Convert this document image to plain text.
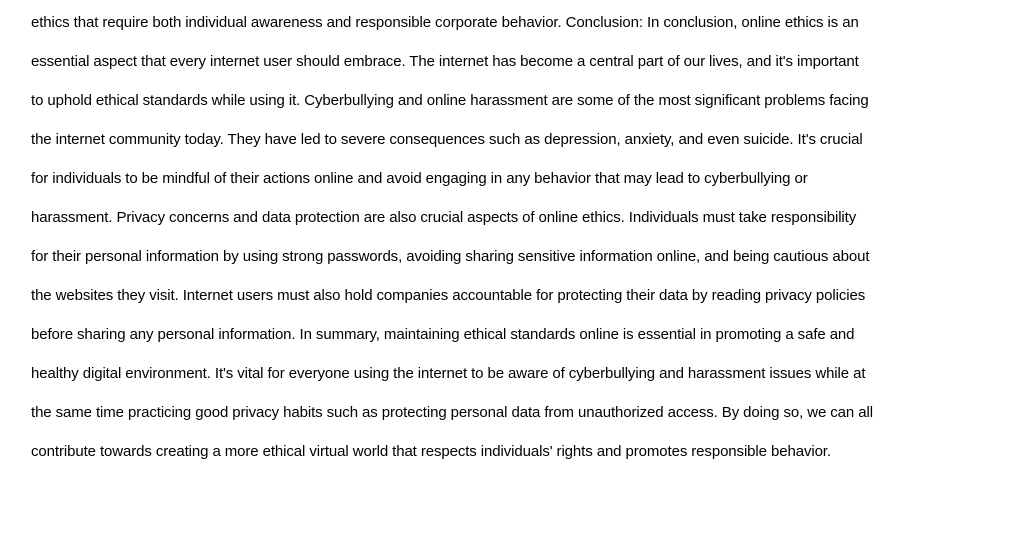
ethics that require both individual awareness and responsible corporate behavior. Conclusion: In conclusion, online ethics is an
essential aspect that every internet user should embrace. The internet has become a central part of our lives, and it's important
to uphold ethical standards while using it. Cyberbullying and online harassment are some of the most significant problems facing
the internet community today. They have led to severe consequences such as depression, anxiety, and even suicide. It's crucial
for individuals to be mindful of their actions online and avoid engaging in any behavior that may lead to cyberbullying or
harassment. Privacy concerns and data protection are also crucial aspects of online ethics. Individuals must take responsibility
for their personal information by using strong passwords, avoiding sharing sensitive information online, and being cautious about
the websites they visit. Internet users must also hold companies accountable for protecting their data by reading privacy policies
before sharing any personal information. In summary, maintaining ethical standards online is essential in promoting a safe and
healthy digital environment. It's vital for everyone using the internet to be aware of cyberbullying and harassment issues while at
the same time practicing good privacy habits such as protecting personal data from unauthorized access. By doing so, we can all
contribute towards creating a more ethical virtual world that respects individuals' rights and promotes responsible behavior.
